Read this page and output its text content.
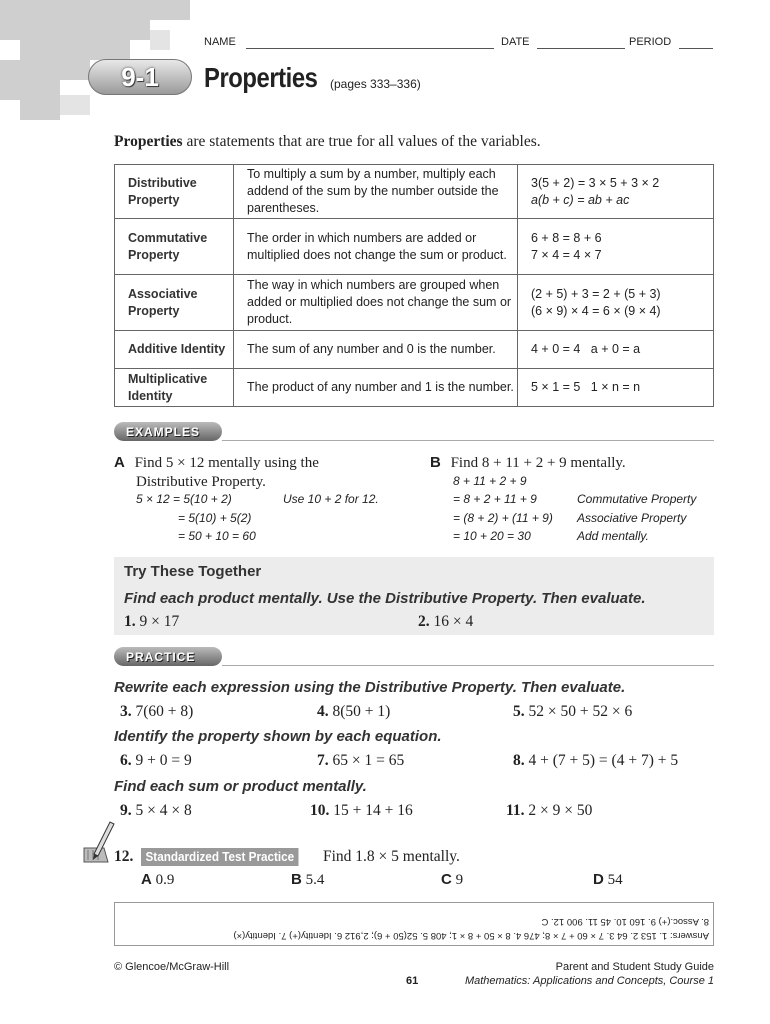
9-1
NAME	DATE	PERIOD
Properties (pages 333–336)
Properties are statements that are true for all values of the variables.
Distributive Property	To multiply a sum by a number, multiply each addend of the sum by the number outside the parentheses.	3(5 + 2) = 3 × 5 + 3 × 2
a(b + c) = ab + ac

Commutative Property	The order in which numbers are added or multiplied does not change the sum or product.	6 + 8 = 8 + 6
7 × 4 = 4 × 7

Associative Property	The way in which numbers are grouped when added or multiplied does not change the sum or product.	(2 + 5) + 3 = 2 + (5 + 3)
(6 × 9) × 4 = 6 × (9 × 4)

Additive Identity	The sum of any number and 0 is the number.	4 + 0 = 4   a + 0 = a
Multiplicative Identity	The product of any number and 1 is the number.	5 × 1 = 5   1 × n = n
EXAMPLES
A Find 5 × 12 mentally using the
Distributive Property.
5 × 12 = 5(10 + 2)	Use 10 + 2 for 12.
= 5(10) + 5(2)
= 50 + 10 = 60
B Find 8 + 11 + 2 + 9 mentally.
8 + 11 + 2 + 9
= 8 + 2 + 11 + 9	Commutative Property
= (8 + 2) + (11 + 9) Associative Property
= 10 + 20 = 30	Add mentally.
Try These Together
Find each product mentally. Use the Distributive Property. Then evaluate.
1. 9 × 17	2. 16 × 4
PRACTICE
Rewrite each expression using the Distributive Property. Then evaluate.
3. 7(60 + 8)	4. 8(50 + 1)	5. 52 × 50 + 52 × 6
Identify the property shown by each equation.
6. 9 + 0 = 9	7. 65 × 1 = 65	8. 4 + (7 + 5) = (4 + 7) + 5
Find each sum or product mentally.
9. 5 × 4 × 8	10. 15 + 14 + 16	11. 2 × 9 × 50
12. Standardized Test Practice Find 1.8 × 5 mentally.
A 0.9	B 5.4	C 9	D 54
Answers: 1. 153 2. 64 3. 7 × 60 + 7 × 8; 476 4. 8 × 50 + 8 × 1; 408 5. 52(50 + 6); 2,912 6. Identity(+) 7. Identity(×)
8. Assoc.(+) 9. 160 10. 45 11. 900 12. C
© Glencoe/McGraw-Hill
61
Parent and Student Study Guide
Mathematics: Applications and Concepts, Course 1
